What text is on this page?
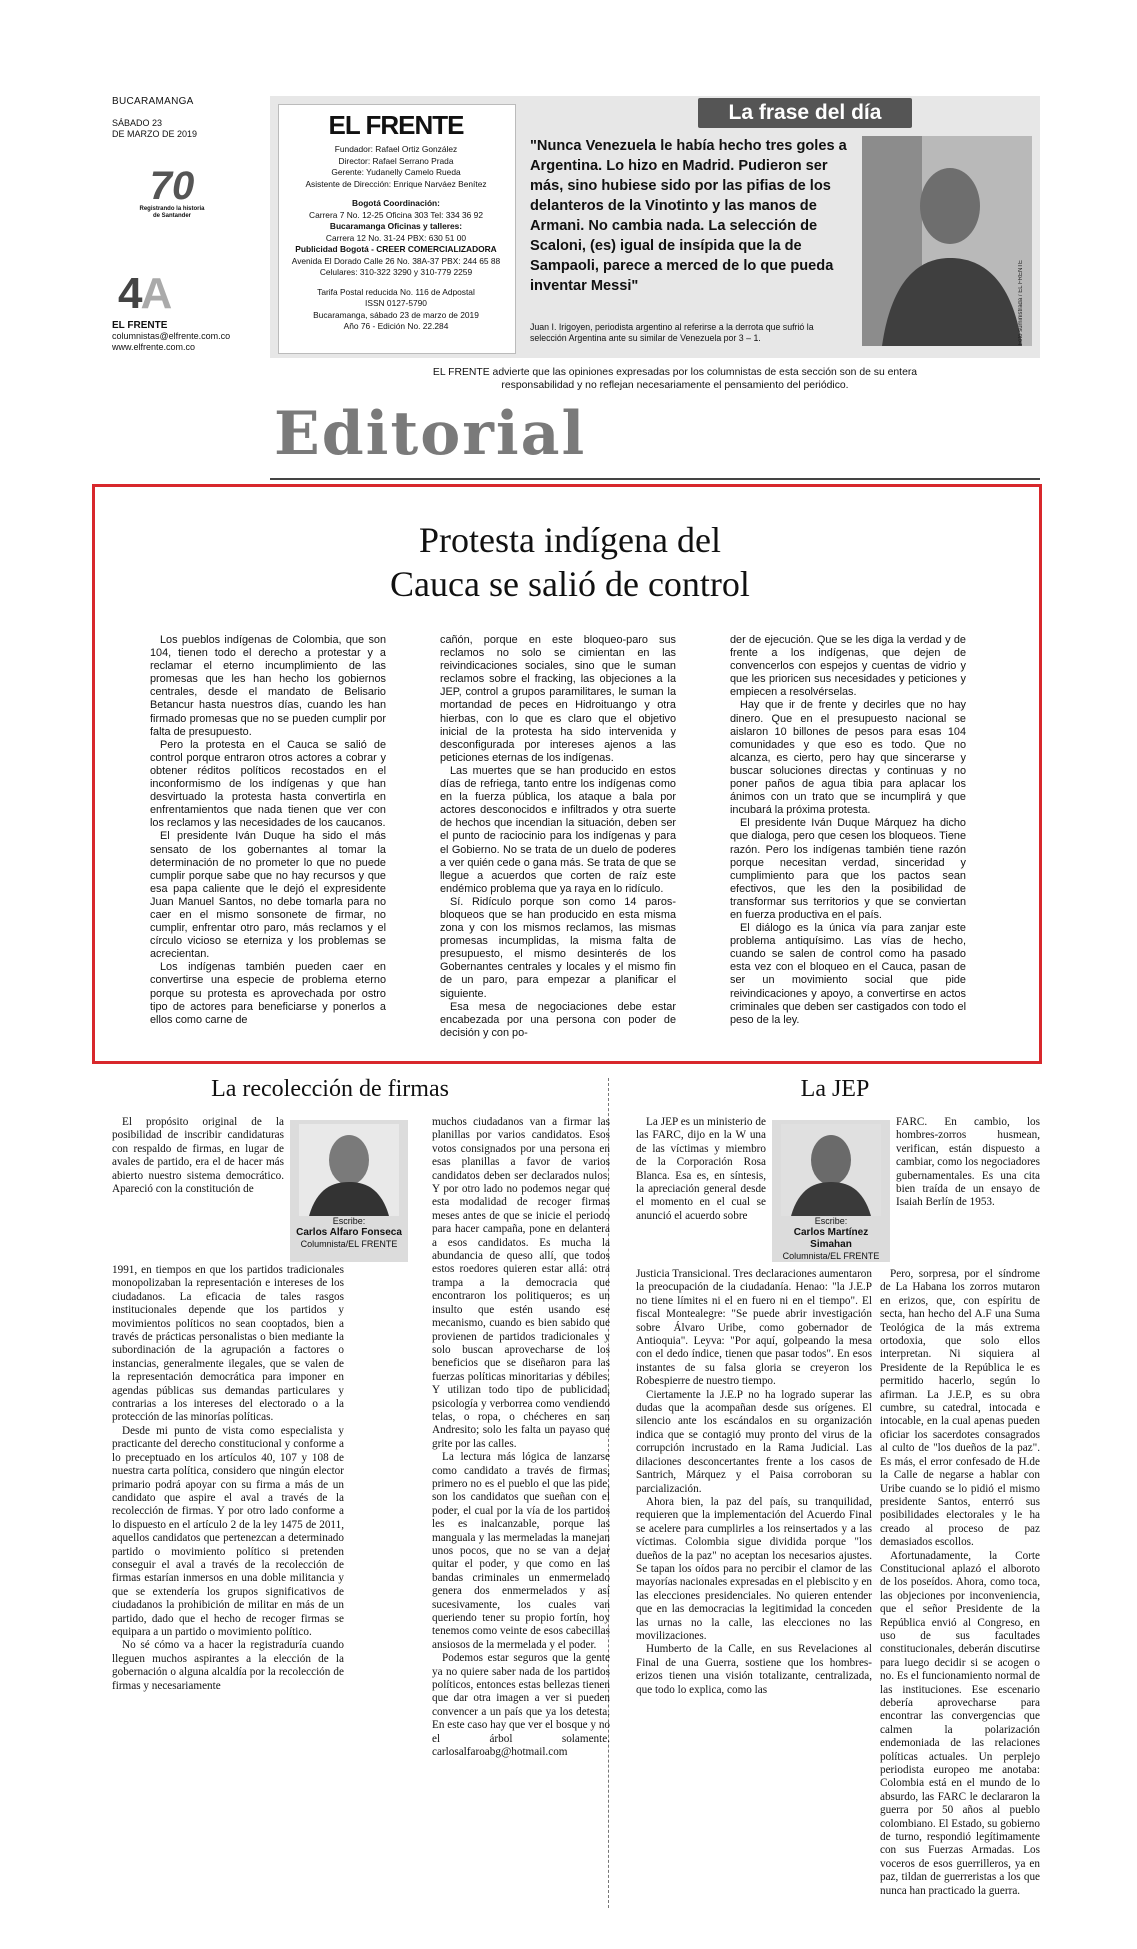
BUCARAMANGA
SÁBADO 23
DE MARZO DE 2019
70
Registrando la historia
de Santander
4A
EL FRENTE
columnistas@elfrente.com.co
www.elfrente.com.co
EL FRENTE
Fundador: Rafael Ortiz González
Director: Rafael Serrano Prada
Gerente: Yudanelly Camelo Rueda
Asistente de Dirección: Enrique Narváez Benítez
Bogotá Coordinación:
Carrera 7 No. 12-25 Oficina 303 Tel: 334 36 92
Bucaramanga Oficinas y talleres:
Carrera 12 No. 31-24 PBX: 630 51 00
Publicidad Bogotá - CREER COMERCIALIZADORA
Avenida El Dorado Calle 26 No. 38A-37 PBX: 244 65 88
Celulares: 310-322 3290 y 310-779 2259
Tarifa Postal reducida No. 116 de Adpostal
ISSN 0127-5790
Bucaramanga, sábado 23 de marzo de 2019
Año 76 - Edición No. 22.284
La frase del día
"Nunca Venezuela le había hecho tres goles a Argentina. Lo hizo en Madrid. Pudieron ser más, sino hubiese sido por las pifias de los delanteros de la Vinotinto y las manos de Armani. No cambia nada. La selección de Scaloni, (es) igual de insípida que la de Sampaoli, parece a merced de lo que pueda inventar Messi"
Juan I. Irigoyen, periodista argentino al referirse a la derrota que sufrió la selección Argentina ante su similar de Venezuela por 3 – 1.	Foto suministrada / EL FRENTE
EL FRENTE advierte que las opiniones expresadas por los columnistas de esta sección son de su entera responsabilidad y no reflejan necesariamente el pensamiento del periódico.
Editorial
Protesta indígena del
Cauca se salió de control

Los pueblos indígenas de Colombia, que son 104, tienen todo el derecho a protestar y a reclamar el eterno incumplimiento de las promesas que les han hecho los gobiernos centrales, desde el mandato de Belisario Betancur hasta nuestros días, cuando les han firmado promesas que no se pueden cumplir por falta de presupuesto.

Pero la protesta en el Cauca se salió de control porque entraron otros actores a cobrar y obtener réditos políticos recostados en el inconformismo de los indígenas y que han desvirtuado la protesta hasta convertirla en enfrentamientos que nada tienen que ver con los reclamos y las necesidades de los caucanos.

El presidente Iván Duque ha sido el más sensato de los gobernantes al tomar la determinación de no prometer lo que no puede cumplir porque sabe que no hay recursos y que esa papa caliente que le dejó el expresidente Juan Manuel Santos, no debe tomarla para no caer en el mismo sonsonete de firmar, no cumplir, enfrentar otro paro, más reclamos y el círculo vicioso se eterniza y los problemas se acrecientan.

Los indígenas también pueden caer en convertirse una especie de problema eterno porque su protesta es aprovechada por ostro tipo de actores para beneficiarse y ponerlos a ellos como carne de

cañón, porque en este bloqueo-paro sus reclamos no solo se cimientan en las reivindicaciones sociales, sino que le suman reclamos sobre el fracking, las objeciones a la JEP, control a grupos paramilitares, le suman la mortandad de peces en Hidroituango y otra hierbas, con lo que es claro que el objetivo inicial de la protesta ha sido intervenida y desconfigurada por intereses ajenos a las peticiones eternas de los indígenas.

Las muertes que se han producido en estos días de refriega, tanto entre los indígenas como en la fuerza pública, los ataque a bala por actores desconocidos e infiltrados y otra suerte de hechos que incendian la situación, deben ser el punto de raciocinio para los indígenas y para el Gobierno. No se trata de un duelo de poderes a ver quién cede o gana más. Se trata de que se llegue a acuerdos que corten de raíz este endémico problema que ya raya en lo ridículo.

Sí. Ridículo porque son como 14 paros-bloqueos que se han producido en esta misma zona y con los mismos reclamos, las mismas promesas incumplidas, la misma falta de presupuesto, el mismo desinterés de los Gobernantes centrales y locales y el mismo fin de un paro, para empezar a planificar el siguiente.

Esa mesa de negociaciones debe estar encabezada por una persona con poder de decisión y con po-

der de ejecución. Que se les diga la verdad y de frente a los indígenas, que dejen de convencerlos con espejos y cuentas de vidrio y que les prioricen sus necesidades y peticiones y empiecen a resolvérselas.

Hay que ir de frente y decirles que no hay dinero. Que en el presupuesto nacional se aislaron 10 billones de pesos para esas 104 comunidades y que eso es todo. Que no alcanza, es cierto, pero hay que sincerarse y buscar soluciones directas y continuas y no poner paños de agua tibia para aplacar los ánimos con un trato que se incumplirá y que incubará la próxima protesta.

El presidente Iván Duque Márquez ha dicho que dialoga, pero que cesen los bloqueos. Tiene razón. Pero los indígenas también tiene razón porque necesitan verdad, sinceridad y cumplimiento para que los pactos sean efectivos, que les den la posibilidad de transformar sus territorios y que se conviertan en fuerza productiva en el país.

El diálogo es la única vía para zanjar este problema antiquísimo. Las vías de hecho, cuando se salen de control como ha pasado esta vez con el bloqueo en el Cauca, pasan de ser un movimiento social que pide reivindicaciones y apoyo, a convertirse en actos criminales que deben ser castigados con todo el peso de la ley.

La recolección de firmas	La JEP
Escribe:
Carlos Alfaro Fonseca
Columnista/EL FRENTE

El propósito original de la posibilidad de inscribir candidaturas con respaldo de firmas, en lugar de avales de partido, era el de hacer más abierto nuestro sistema democrático. Apareció con la constitución de

1991, en tiempos en que los partidos tradicionales monopolizaban la representación e intereses de los ciudadanos. La eficacia de tales rasgos institucionales depende que los partidos y movimientos políticos no sean cooptados, bien a través de prácticas personalistas o bien mediante la subordinación de la agrupación a factores o instancias, generalmente ilegales, que se valen de la representación democrática para imponer en agendas públicas sus demandas particulares y contrarias a los intereses del electorado o a la protección de las minorías políticas.

Desde mi punto de vista como especialista y practicante del derecho constitucional y conforme a lo preceptuado en los artículos 40, 107 y 108 de nuestra carta política, considero que ningún elector primario podrá apoyar con su firma a más de un candidato que aspire el aval a través de la recolección de firmas. Y por otro lado conforme a lo dispuesto en el artículo 2 de la ley 1475 de 2011, aquellos candidatos que pertenezcan a determinado partido o movimiento político si pretenden conseguir el aval a través de la recolección de firmas estarían inmersos en una doble militancia y que se extendería los grupos significativos de ciudadanos la prohibición de militar en más de un partido, dado que el hecho de recoger firmas se equipara a un partido o movimiento político.

No sé cómo va a hacer la registraduría cuando lleguen muchos aspirantes a la elección de la gobernación o alguna alcaldía por la recolección de firmas y necesariamente

muchos ciudadanos van a firmar las planillas por varios candidatos. Esos votos consignados por una persona en esas planillas a favor de varios candidatos deben ser declarados nulos. Y por otro lado no podemos negar que esta modalidad de recoger firmas meses antes de que se inicie el periodo para hacer campaña, pone en delantera a esos candidatos. Es mucha la abundancia de queso allí, que todos estos roedores quieren estar allá: otra trampa a la democracia que encontraron los politiqueros; es un insulto que estén usando ese mecanismo, cuando es bien sabido que provienen de partidos tradicionales y solo buscan aprovecharse de los beneficios que se diseñaron para las fuerzas políticas minoritarias y débiles. Y utilizan todo tipo de publicidad, psicología y verborrea como vendiendo telas, o ropa, o chécheres en san Andresito; solo les falta un payaso que grite por las calles.

La lectura más lógica de lanzarse como candidato a través de firmas, primero no es el pueblo el que las pide, son los candidatos que sueñan con el poder, el cual por la vía de los partidos les es inalcanzable, porque las manguala y las mermeladas la manejan unos pocos, que no se van a dejar quitar el poder, y que como en las bandas criminales un enmermelado genera dos enmermelados y así sucesivamente, los cuales van queriendo tener su propio fortín, hoy tenemos como veinte de esos cabecillas ansiosos de la mermelada y el poder.

Podemos estar seguros que la gente ya no quiere saber nada de los partidos políticos, entonces estas bellezas tienen que dar otra imagen a ver si pueden convencer a un país que ya los detesta. En este caso hay que ver el bosque y no el árbol solamente. carlosalfaroabg@hotmail.com

Escribe:
Carlos Martínez Simahan
Columnista/EL FRENTE

La JEP es un ministerio de las FARC, dijo en la W una de las víctimas y miembro de la Corporación Rosa Blanca. Esa es, en síntesis, la apreciación general desde el momento en el cual se anunció el acuerdo sobre

Justicia Transicional. Tres declaraciones aumentaron la preocupación de la ciudadanía. Henao: "la J.E.P no tiene límites ni el en fuero ni en el tiempo". El fiscal Montealegre: "Se puede abrir investigación sobre Álvaro Uribe, como gobernador de Antioquia". Leyva: "Por aquí, golpeando la mesa con el dedo índice, tienen que pasar todos". En esos instantes de su falsa gloria se creyeron los Robespierre de nuestro tiempo.

Ciertamente la J.E.P no ha logrado superar las dudas que la acompañan desde sus orígenes. El silencio ante los escándalos en su organización indica que se contagió muy pronto del virus de la corrupción incrustado en la Rama Judicial. Las dilaciones desconcertantes frente a los casos de Santrich, Márquez y el Paisa corroboran su parcialización.

Ahora bien, la paz del país, su tranquilidad, requieren que la implementación del Acuerdo Final se acelere para cumplirles a los reinsertados y a las víctimas. Colombia sigue dividida porque "los dueños de la paz" no aceptan los necesarios ajustes. Se tapan los oídos para no percibir el clamor de las mayorías nacionales expresadas en el plebiscito y en las elecciones presidenciales. No quieren entender que en las democracias la legitimidad la conceden las urnas no la calle, las elecciones no las movilizaciones.

Humberto de la Calle, en sus Revelaciones al Final de una Guerra, sostiene que los hombres-erizos tienen una visión totalizante, centralizada, que todo lo explica, como las

FARC. En cambio, los hombres-zorros husmean, verifican, están dispuesto a cambiar, como los negociadores gubernamentales. Es una cita bien traída de un ensayo de Isaiah Berlín de 1953.

Pero, sorpresa, por el síndrome de La Habana los zorros mutaron en erizos, que, con espíritu de secta, han hecho del A.F una Suma Teológica de la más extrema ortodoxia, que solo ellos interpretan. Ni siquiera al Presidente de la República le es permitido hacerlo, según lo afirman. La J.E.P, es su obra cumbre, su catedral, intocada e intocable, en la cual apenas pueden oficiar los sacerdotes consagrados al culto de "los dueños de la paz". Es más, el error confesado de H.de la Calle de negarse a hablar con Uribe cuando se lo pidió el mismo presidente Santos, enterró sus posibilidades electorales y le ha creado al proceso de paz demasiados escollos.

Afortunadamente, la Corte Constitucional aplazó el alboroto de los poseídos. Ahora, como toca, las objeciones por inconveniencia, que el señor Presidente de la República envió al Congreso, en uso de sus facultades constitucionales, deberán discutirse para luego decidir si se acogen o no. Es el funcionamiento normal de las instituciones. Ese escenario debería aprovecharse para encontrar las convergencias que calmen la polarización endemoniada de las relaciones políticas actuales. Un perplejo periodista europeo me anotaba: Colombia está en el mundo de lo absurdo, las FARC le declararon la guerra por 50 años al pueblo colombiano. El Estado, su gobierno de turno, respondió legítimamente con sus Fuerzas Armadas. Los voceros de esos guerrilleros, ya en paz, tildan de guerreristas a los que nunca han practicado la guerra.
